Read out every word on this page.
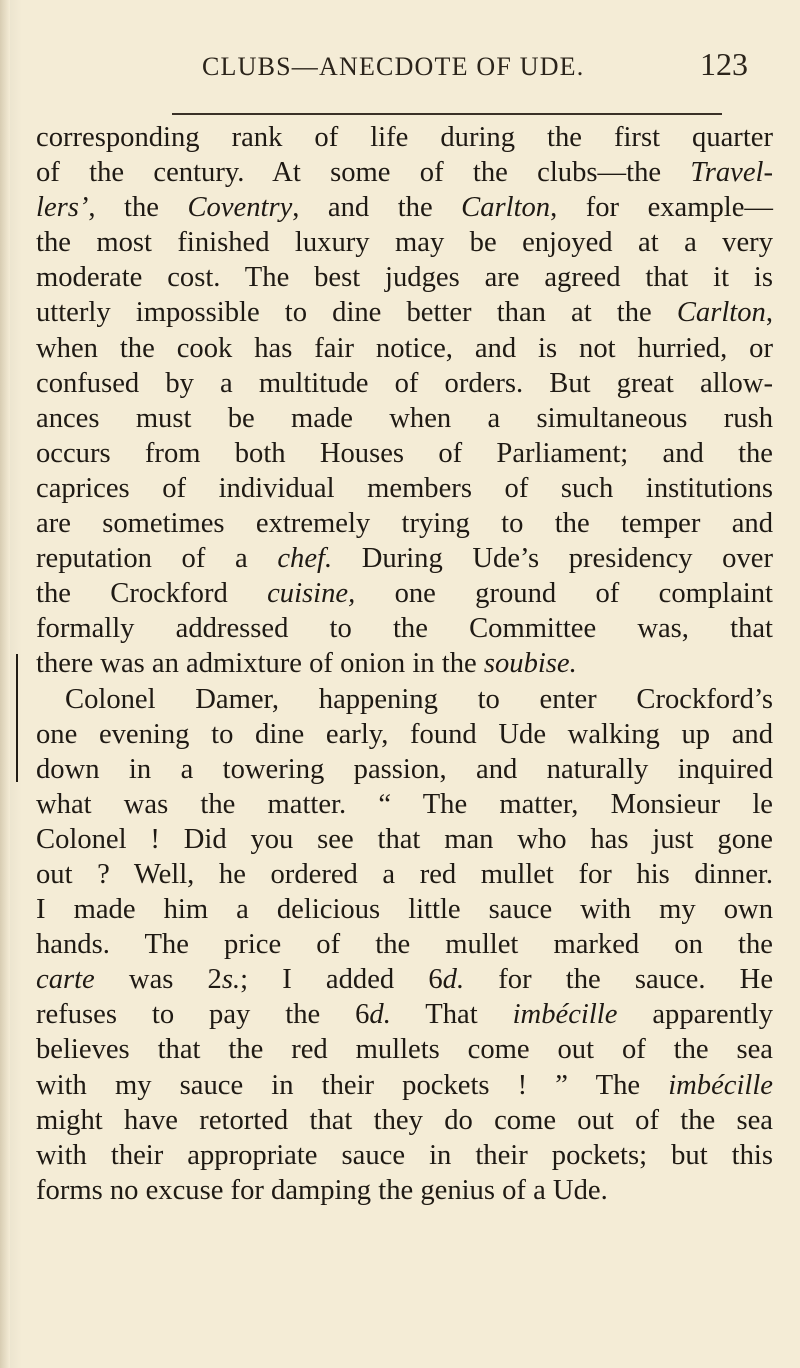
CLUBS—ANECDOTE OF UDE.	123
corresponding rank of life during the first quarter
of the century. At some of the clubs—the Travel-
lers’, the Coventry, and the Carlton, for example—
the most finished luxury may be enjoyed at a very
moderate cost. The best judges are agreed that it is
utterly impossible to dine better than at the Carlton,
when the cook has fair notice, and is not hurried, or
confused by a multitude of orders. But great allow-
ances must be made when a simultaneous rush
occurs from both Houses of Parliament; and the
caprices of individual members of such institutions
are sometimes extremely trying to the temper and
reputation of a chef. During Ude’s presidency over
the Crockford cuisine, one ground of complaint
formally addressed to the Committee was, that
there was an admixture of onion in the soubise.
Colonel Damer, happening to enter Crockford’s
one evening to dine early, found Ude walking up and
down in a towering passion, and naturally inquired
what was the matter. “ The matter, Monsieur le
Colonel ! Did you see that man who has just gone
out ? Well, he ordered a red mullet for his dinner.
I made him a delicious little sauce with my own
hands. The price of the mullet marked on the
carte was 2s.; I added 6d. for the sauce. He
refuses to pay the 6d. That imbécille apparently
believes that the red mullets come out of the sea
with my sauce in their pockets ! ” The imbécille
might have retorted that they do come out of the sea
with their appropriate sauce in their pockets; but this
forms no excuse for damping the genius of a Ude.
